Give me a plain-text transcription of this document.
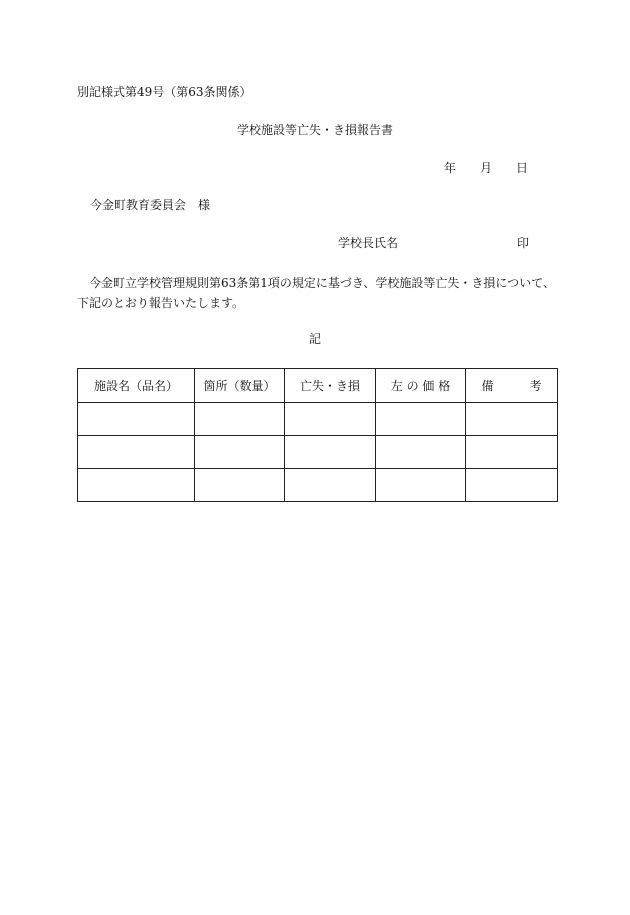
別記様式第49号（第63条関係）
学校施設等亡失・き損報告書
年 月 日
今金町教育委員会　様
学校長氏名	印
今金町立学校管理規則第63条第1項の規定に基づき、学校施設等亡失・き損について、下記のとおり報告いたします。
記
施設名（品名）	箇所（数量）	亡失・き損	左 の 価 格	備　　　考
